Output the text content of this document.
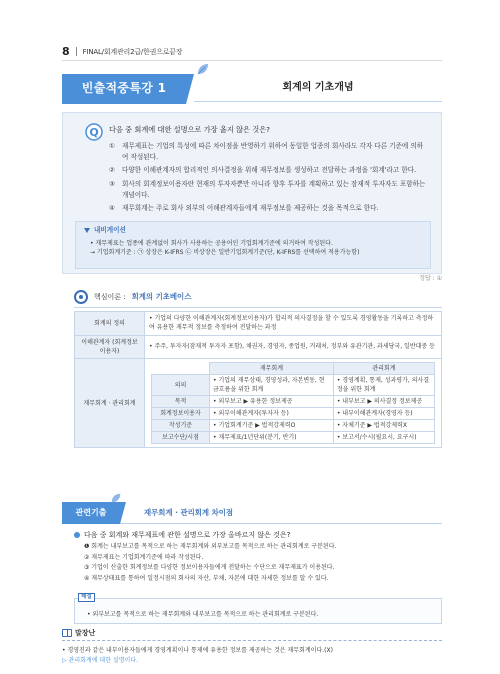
8 FINAL/회계관리2급/한권으로끝장
빈출적중특강 1	회계의 기초개념
Q 다음 중 회계에 대한 설명으로 가장 옳지 않은 것은?
①	재무제표는 기업의 특성에 따른 차이점을 반영하기 위하여 동일한 업종의 회사라도 각자 다른 기준에 의하여 작성된다.
②	다양한 이해관계자의 합리적인 의사결정을 위해 재무정보를 생성하고 전달하는 과정을 '회계'라고 한다.
③	회사의 회계정보이용자란 현재의 투자자뿐만 아니라 향후 투자를 계획하고 있는 잠재적 투자자도 포함하는 개념이다.
④	재무회계는 주로 회사 외부의 이해관계자들에게 재무정보를 제공하는 것을 목적으로 한다.
내비게이션
• 재무제표는 업종에 관계없이 회사가 사용하는 공용어인 기업회계기준에 의거하여 작성된다.
→ 기업회계기준 : ㉠ 상장은 K-IFRS ㉡ 비상장은 일반기업회계기준(단, K-IFRS를 선택하여 적용가능함)
정답 : ①
핵심이론 : 회계의 기초베이스
회계의 정의	• 기업의 다양한 이해관계자(회계정보이용자)가 합리적 의사결정을 할 수 있도록 경영활동을 기록하고 측정하여 유용한 재무적 정보를 측정하여 전달하는 과정
이해관계자 (회계정보이용자)	• 주주, 투자자(잠재적 투자자 포함), 채권자, 경영자, 종업원, 거래처, 정부와 유관기관, 과세당국, 일반대중 등
재무회계 · 관리회계	
	재무회계	관리회계
의의	• 기업의 재무상태, 경영성과, 자본변동, 현금흐름을 위한 회계	• 경영계획, 통제, 성과평가, 의사결정을 위한 회계
목적	• 외부보고 ▶ 유용한 정보제공	• 내부보고 ▶ 의사결정 정보제공
회계정보이용자	• 외부이해관계자(투자자 등)	• 내부이해관계자(경영자 등)
작성기준	• 기업회계기준 ▶ 법적강제력O	• 자체기준 ▶ 법적강제력X
보고수단/시점	• 재무제표/1년단위(분기, 반기)	• 보고서/수시(필요시, 요구시)
관련기출	재무회계 · 관리회계 차이점
다음 중 회계와 재무제표에 관한 설명으로 가장 올바르지 않은 것은?
❶ 회계는 내부보고를 목적으로 하는 재무회계와 외부보고를 목적으로 하는 관리회계로 구분된다.
② 재무제표는 기업회계기준에 따라 작성된다.
③ 기업이 산출한 회계정보를 다양한 정보이용자들에게 전달하는 수단으로 재무제표가 이용된다.
④ 재무상태표를 통하여 일정시점의 회사의 자산, 부채, 자본에 대한 자세한 정보를 알 수 있다.
해설
• 외부보고를 목적으로 하는 재무회계와 내부보고를 목적으로 하는 관리회계로 구분된다.
말장난
• 경영진과 같은 내부이용자들에게 경영계획이나 통제에 유용한 정보를 제공하는 것은 재무회계이다.(X)
▷ 관리회계에 대한 설명이다.
